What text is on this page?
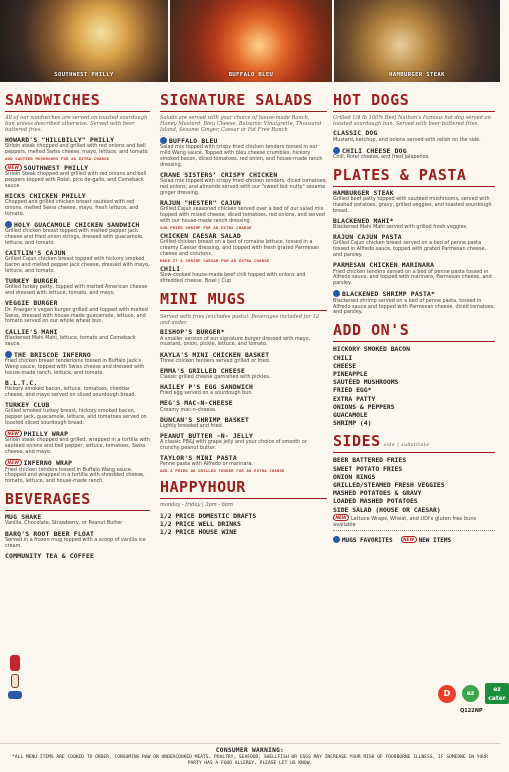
SOUTHWEST PHILLY	BUFFALO BLEU	HAMBURGER STEAK
SANDWICHES
All of our sandwiches are served on toasted sourdough bun unless described otherwise. Served with beer battered fries.
HOWARD'S "HILLBILLY" PHILLY
Sirloin steak chopped and grilled with red onions and bell peppers, melted Swiss cheese, mayo, lettuce, and tomato.
ADD SAUTÉED MUSHROOMS FOR AN EXTRA CHARGE
NEW SOUTHWEST PHILLY
Sirloin Steak chopped and grilled with red onions and bell peppers topped with Rotel, pico de-gallo, and Comeback sauce
HICKS CHICKEN PHILLY
Chopped and grilled chicken breast sautéed with red onions, melted Swiss cheese, mayo, fresh lettuce, and tomato.
HOLY GUACAMOLE CHICKEN SANDWICH
Grilled chicken breast topped with melted pepper jack cheese and fried onion strings, dressed with guacamole, lettuce, and tomato.
CAITLIN'S CAJUN
Grilled Cajun chicken breast topped with hickory smoked bacon and melted pepper jack cheese, dressed with mayo, lettuce, and tomato.
TURKEY BURGER
Grilled turkey patty, topped with melted American cheese and dressed with lettuce, tomato, and mayo.
VEGGIE BURGER
Dr. Praeger's vegan burger grilled and topped with melted Swiss, dressed with house-made guacamole, lettuce, and tomato served on our whole wheat bun.
CALLIE'S MAHI
Blackened Mahi Mahi, lettuce, tomato and Comeback sauce.
THE BRISCOE INFERNO
Fried chicken breast tenderloins tossed in Buffalo Jack's Wang sauce, topped with Swiss cheese and dressed with house-made ranch, lettuce, and tomato.
B.L.T.C.
Hickory smoked bacon, lettuce, tomatoes, cheddar cheese, and mayo served on sliced sourdough bread.
TURKEY CLUB
Grilled smoked turkey breast, hickory smoked bacon, pepper jack, guacamole, lettuce, and tomatoes served on toasted sliced sourdough bread.
NEW PHILLY WRAP
Sirloin steak chopped and grilled, wrapped in a tortilla with sautéed onions and bell pepper, lettuce, tomatoes, Swiss cheese, and mayo.
NEW INFERNO WRAP
Fried chicken tenders tossed in Buffalo Wang sauce, chopped and wrapped in a tortilla with shredded cheese, tomato, lettuce, and house-made ranch.
BEVERAGES
MUG SHAKE
Vanilla, Chocolate, Strawberry, or Peanut Butter
BARQ'S ROOT BEER FLOAT
Served in a frozen mug topped with a scoop of vanilla ice cream.
COMMUNITY TEA & COFFEE
SIGNATURE SALADS
Salads are served with your choice of house-made Ranch, Honey Mustard, Bleu Cheese, Balsamic Vinaigrette, Thousand Island, Sesame Ginger, Caesar or Fat Free Ranch
BUFFALO BLEU
Salad mix topped with crispy fried chicken tenders tossed in our mild Wang sauce. Topped with bleu cheese crumbles, hickory smoked bacon, diced tomatoes, red onion, and house-made ranch dressing.
CRANE SISTERS' CRISPY CHICKEN
Salad mix topped with crispy fried chicken tenders, diced tomatoes, red onions, and almonds served with our "sweet but nutty" sesame ginger dressing.
RAJUN "HESTER" CAJUN
Grilled Cajun seasoned chicken served over a bed of our salad mix topped with mixed cheese, diced tomatoes, red onions, and served with our house-made ranch dressing.
SUB FRIED SHRIMP FOR AN EXTRA CHARGE
CHICKEN CAESAR SALAD
Grilled chicken breast on a bed of romaine lettuce, tossed in a creamy Caesar dressing, and topped with fresh grated Parmesan cheese and croutons.
MAKE IT A SHRIMP CAESAR FOR AN EXTRA CHARGE
CHILI
Slow-cooked house-made beef chili topped with onions and shredded cheese. Bowl | Cup
MINI MUGS
Served with fries (excludes pasta). Beverages included for 12 and under.
BISHOP'S BURGER*
A smaller version of our signature burger dressed with mayo, mustard, onion, pickle, lettuce, and tomato.
KAYLA'S MINI CHICKEN BASKET
Three chicken tenders served grilled or fried.
EMMA'S GRILLED CHEESE
Classic grilled cheese garnished with pickles.
HAILEY P'S EGG SANDWICH
Fried egg served on a sourdough bun.
MEG'S MAC-N-CHEESE
Creamy mac-n-cheese.
DUNCAN'S SHRIMP BASKET
Lightly breaded and fried.
PEANUT BUTTER -N- JELLY
A classic PB&J with grape jelly and your choice of smooth or crunchy peanut butter.
TAYLOR'S MINI PASTA
Penne pasta with Alfredo or marinara.
ADD A FRIED OR GRILLED TENDER FOR AN EXTRA CHARGE
HAPPYHOUR
monday - friday | 3pm - 6pm
1/2 PRICE DOMESTIC DRAFTS
1/2 PRICE WELL DRINKS
1/2 PRICE HOUSE WINE
HOT DOGS
Grilled 1/4 lb 100% Beef Nathan's Famous hot dog served on toasted sourdough bun. Served with beer battered fries.
CLASSIC DOG
Mustard, ketchup, and onions served with relish on the side.
CHILI CHEESE DOG
Chili, Rotel cheese, and fried jalapeños.
PLATES & PASTA
HAMBURGER STEAK
Grilled beef patty topped with sautéed mushrooms, served with mashed potatoes, gravy, grilled veggies, and toasted sourdough bread.
BLACKENED MAHI*
Blackened Mahi Mahi served with grilled fresh veggies.
RAJUN CAJUN PASTA
Grilled Cajun chicken breast served on a bed of penne pasta tossed in Alfredo sauce, topped with grated Parmesan cheese, and parsley.
PARMESAN CHICKEN MARINARA
Fried chicken tenders served on a bed of penne pasta tossed in Alfredo sauce, and topped with marinara, Parmesan cheese, and parsley.
BLACKENED SHRIMP PASTA*
Blackened shrimp served on a bed of penne pasta, tossed in Alfredo sauce and topped with Parmesan cheese, diced tomatoes, and parsley.
ADD ON'S
HICKORY SMOKED BACON
CHILI
CHEESE
PINEAPPLE
SAUTÉED MUSHROOMS
FRIED EGG*
EXTRA PATTY
ONIONS & PEPPERS
GUACAMOLE
SHRIMP (4)
SIDES side | substitute
BEER BATTERED FRIES
SWEET POTATO FRIES
ONION RINGS
GRILLED/STEAMED FRESH VEGGIES
MASHED POTATOES & GRAVY
LOADED MASHED POTATOES
SIDE SALAD (HOUSE OR CAESAR)
NEW Lettuce Wraps, Wheat, and UDI's gluten free buns available
MUGS FAVORITES	NEW NEW ITEMS
D	ez
ez cater
Q122NP
CONSUMER WARNING:
*ALL MENU ITEMS ARE COOKED TO ORDER. CONSUMING RAW OR UNDERCOOKED MEATS, POULTRY, SEAFOOD, SHELLFISH OR EGGS MAY INCREASE YOUR RISK OF FOODBORNE ILLNESS, IF SOMEONE IN YOUR PARTY HAS A FOOD ALLERGY, PLEASE LET US KNOW.
